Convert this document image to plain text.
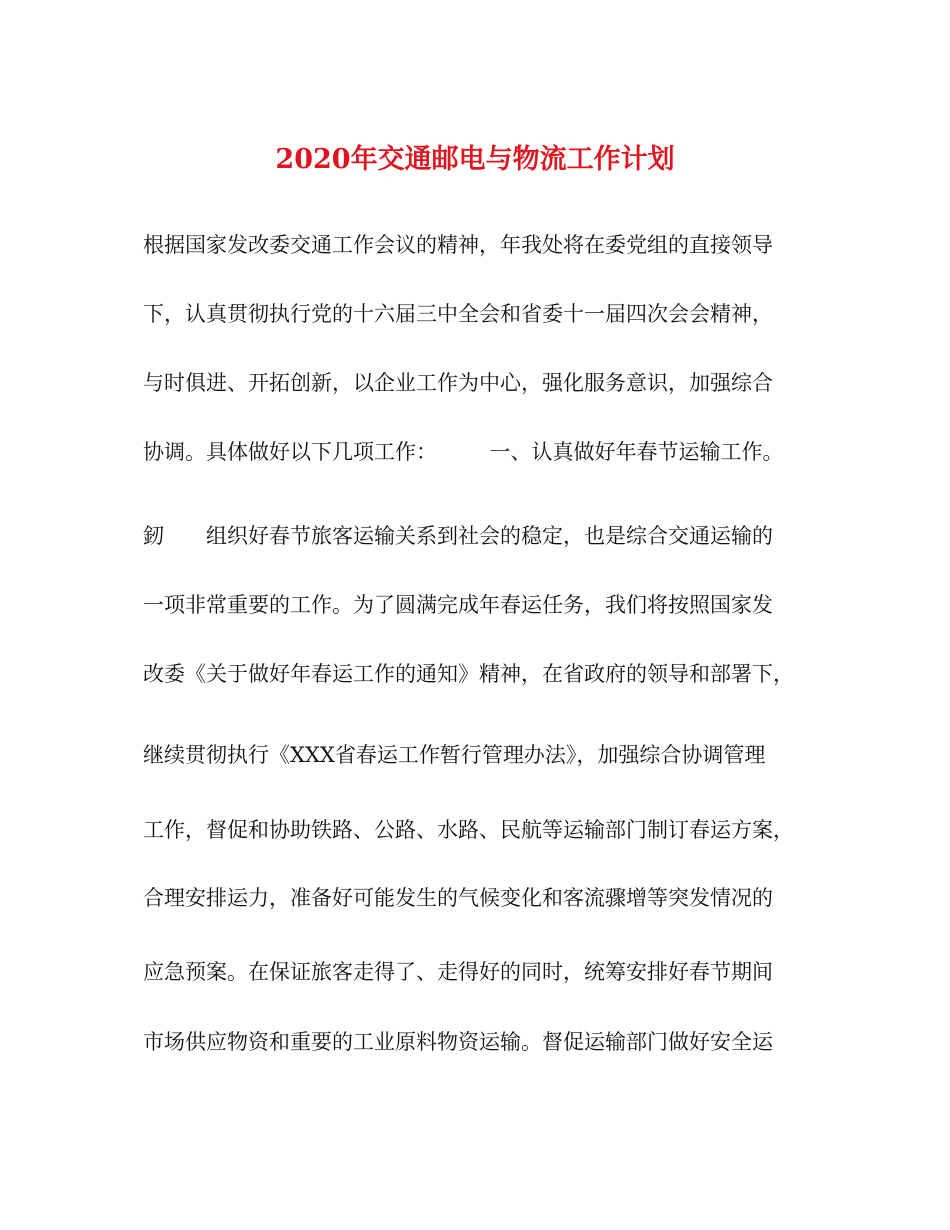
2020年交通邮电与物流工作计划
根据国家发改委交通工作会议的精神，年我处将在委党组的直接领导
下，认真贯彻执行党的十六届三中全会和省委十一届四次会会精神，
与时俱进、开拓创新，以企业工作为中心，强化服务意识，加强综合
协调。具体做好以下几项工作：　　　一、认真做好年春节运输工作。
釰　　组织好春节旅客运输关系到社会的稳定，也是综合交通运输的
一项非常重要的工作。为了圆满完成年春运任务，我们将按照国家发
改委《关于做好年春运工作的通知》精神，在省政府的领导和部署下，
继续贯彻执行《XXX省春运工作暂行管理办法》，加强综合协调管理
工作，督促和协助铁路、公路、水路、民航等运输部门制订春运方案，
合理安排运力，准备好可能发生的气候变化和客流骤增等突发情况的
应急预案。在保证旅客走得了、走得好的同时，统筹安排好春节期间
市场供应物资和重要的工业原料物资运输。督促运输部门做好安全运
